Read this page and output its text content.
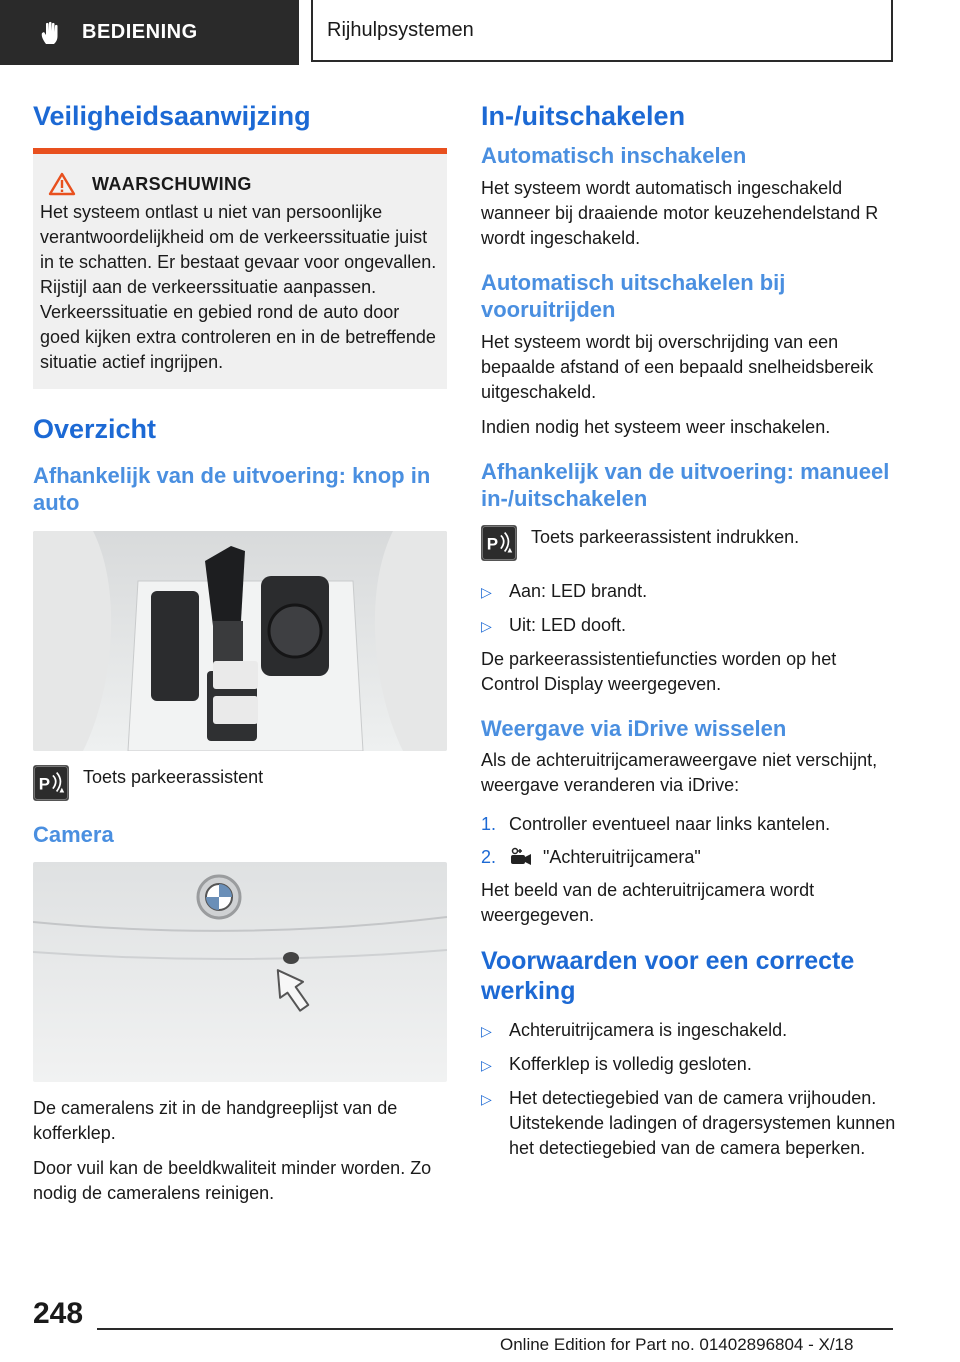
BEDIENING	Rijhulpsystemen
Veiligheidsaanwijzing
WAARSCHUWING

Het systeem ontlast u niet van persoonlijke verantwoordelijkheid om de verkeerssituatie juist in te schatten. Er bestaat gevaar voor ongevallen. Rijstijl aan de verkeerssituatie aanpassen. Verkeerssituatie en gebied rond de auto door goed kijken extra controleren en in de betreffende situatie actief ingrijpen.

Overzicht
Afhankelijk van de uitvoering: knop in auto
P Toets parkeerassistent
Camera

De cameralens zit in de handgreeplijst van de kofferklep.

Door vuil kan de beeldkwaliteit minder worden. Zo nodig de cameralens reinigen.

In-/uitschakelen
Automatisch inschakelen

Het systeem wordt automatisch ingeschakeld wanneer bij draaiende motor keuzehendelstand R wordt ingeschakeld.

Automatisch uitschakelen bij vooruitrijden

Het systeem wordt bij overschrijding van een bepaalde afstand of een bepaald snelheidsbereik uitgeschakeld.

Indien nodig het systeem weer inschakelen.

Afhankelijk van de uitvoering: manueel in-/uitschakelen
P Toets parkeerassistent indrukken.
▷ Aan: LED brandt.
▷ Uit: LED dooft.

De parkeerassistentiefuncties worden op het Control Display weergegeven.

Weergave via iDrive wisselen

Als de achteruitrijcameraweergave niet verschijnt, weergave veranderen via iDrive:

1. Controller eventueel naar links kantelen.
2.	"Achteruitrijcamera"

Het beeld van de achteruitrijcamera wordt weergegeven.

Voorwaarden voor een correcte werking
▷ Achteruitrijcamera is ingeschakeld.
▷ Kofferklep is volledig gesloten.
▷ Het detectiegebied van de camera vrijhouden. Uitstekende ladingen of dragersystemen kunnen het detectiegebied van de camera beperken.
248
Online Edition for Part no. 01402896804 - X/18
